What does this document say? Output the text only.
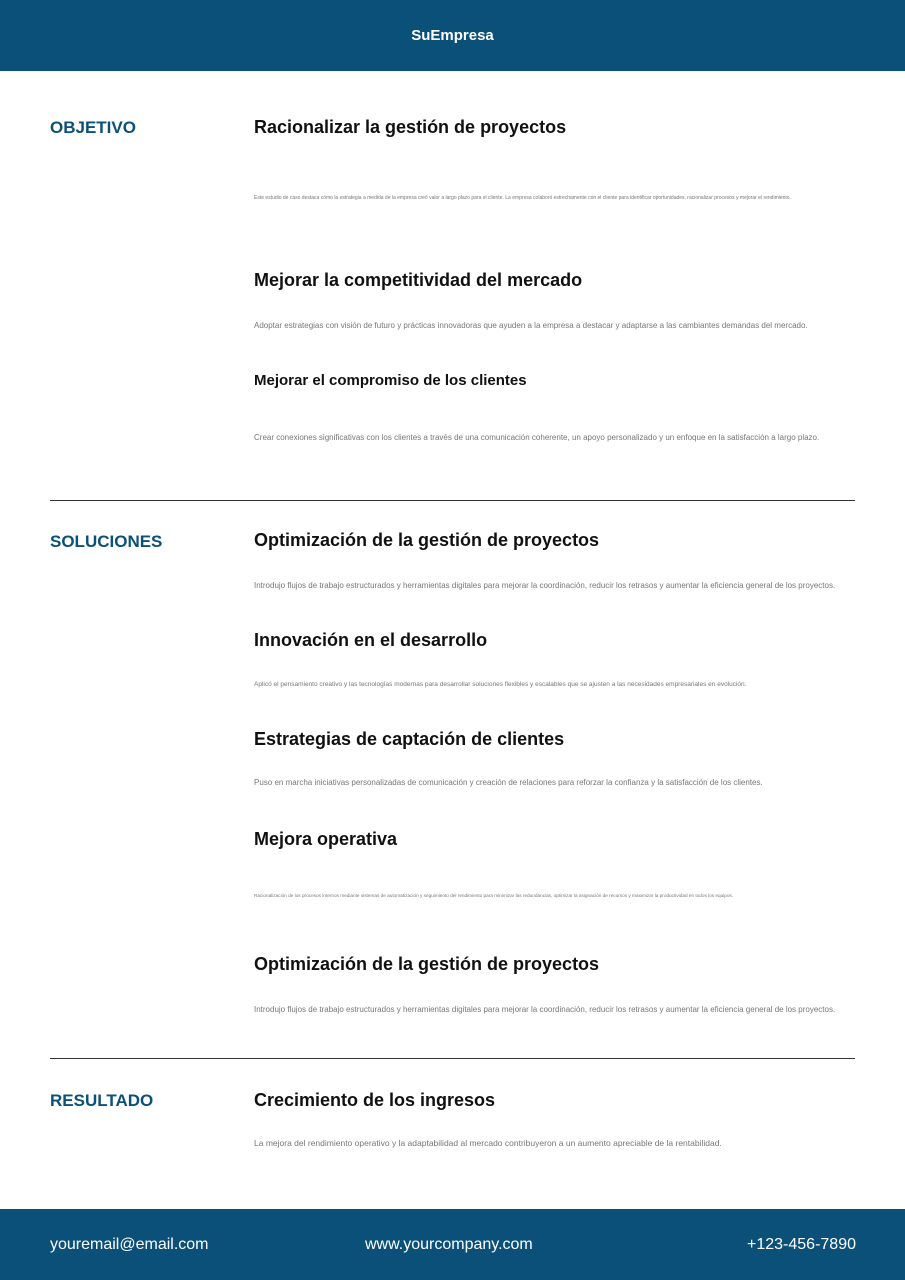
SuEmpresa
OBJETIVO	Racionalizar la gestión de proyectos
Este estudio de caso destaca cómo la estrategia a medida de la empresa creó valor a largo plazo para el cliente. La empresa colaboró estrechamente con el cliente para identificar oportunidades, racionalizar procesos y mejorar el rendimiento.
Mejorar la competitividad del mercado
Adoptar estrategias con visión de futuro y prácticas innovadoras que ayuden a la empresa a destacar y adaptarse a las cambiantes demandas del mercado.
Mejorar el compromiso de los clientes
Crear conexiones significativas con los clientes a través de una comunicación coherente, un apoyo personalizado y un enfoque en la satisfacción a largo plazo.
SOLUCIONES	Optimización de la gestión de proyectos
Introdujo flujos de trabajo estructurados y herramientas digitales para mejorar la coordinación, reducir los retrasos y aumentar la eficiencia general de los proyectos.
Innovación en el desarrollo
Aplicó el pensamiento creativo y las tecnologías modernas para desarrollar soluciones flexibles y escalables que se ajusten a las necesidades empresariales en evolución.
Estrategias de captación de clientes
Puso en marcha iniciativas personalizadas de comunicación y creación de relaciones para reforzar la confianza y la satisfacción de los clientes.
Mejora operativa
Racionalización de los procesos internos mediante sistemas de automatización y seguimiento del rendimiento para minimizar las redundancias, optimizar la asignación de recursos y maximizar la productividad en todos los equipos.
Optimización de la gestión de proyectos
Introdujo flujos de trabajo estructurados y herramientas digitales para mejorar la coordinación, reducir los retrasos y aumentar la eficiencia general de los proyectos.
RESULTADO	Crecimiento de los ingresos
La mejora del rendimiento operativo y la adaptabilidad al mercado contribuyeron a un aumento apreciable de la rentabilidad.
youremail@email.com	www.yourcompany.com	+123-456-7890
